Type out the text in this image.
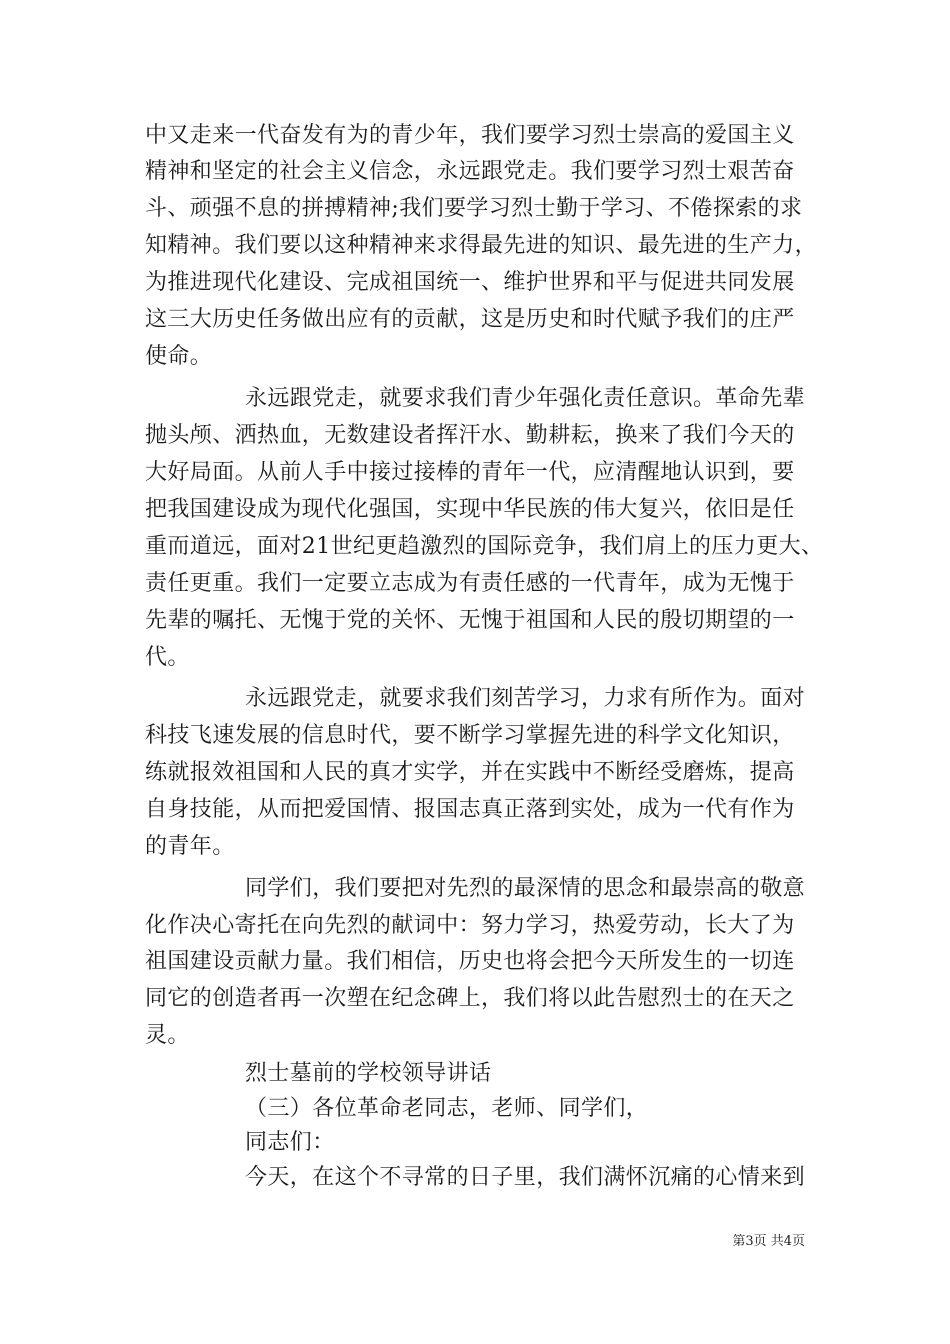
中又走来一代奋发有为的青少年，我们要学习烈士崇高的爱国主义
精神和坚定的社会主义信念，永远跟党走。我们要学习烈士艰苦奋
斗、顽强不息的拼搏精神;我们要学习烈士勤于学习、不倦探索的求
知精神。我们要以这种精神来求得最先进的知识、最先进的生产力，
为推进现代化建设、完成祖国统一、维护世界和平与促进共同发展
这三大历史任务做出应有的贡献，这是历史和时代赋予我们的庄严
使命。
永远跟党走，就要求我们青少年强化责任意识。革命先辈
抛头颅、洒热血，无数建设者挥汗水、勤耕耘，换来了我们今天的
大好局面。从前人手中接过接棒的青年一代，应清醒地认识到，要
把我国建设成为现代化强国，实现中华民族的伟大复兴，依旧是任
重而道远，面对21世纪更趋激烈的国际竞争，我们肩上的压力更大、
责任更重。我们一定要立志成为有责任感的一代青年，成为无愧于
先辈的嘱托、无愧于党的关怀、无愧于祖国和人民的殷切期望的一
代。
永远跟党走，就要求我们刻苦学习，力求有所作为。面对
科技飞速发展的信息时代，要不断学习掌握先进的科学文化知识，
练就报效祖国和人民的真才实学，并在实践中不断经受磨炼，提高
自身技能，从而把爱国情、报国志真正落到实处，成为一代有作为
的青年。
同学们，我们要把对先烈的最深情的思念和最崇高的敬意
化作决心寄托在向先烈的献词中：努力学习，热爱劳动，长大了为
祖国建设贡献力量。我们相信，历史也将会把今天所发生的一切连
同它的创造者再一次塑在纪念碑上，我们将以此告慰烈士的在天之
灵。
烈士墓前的学校领导讲话
（三）各位革命老同志，老师、同学们，
同志们：
今天，在这个不寻常的日子里，我们满怀沉痛的心情来到
第3页 共4页
